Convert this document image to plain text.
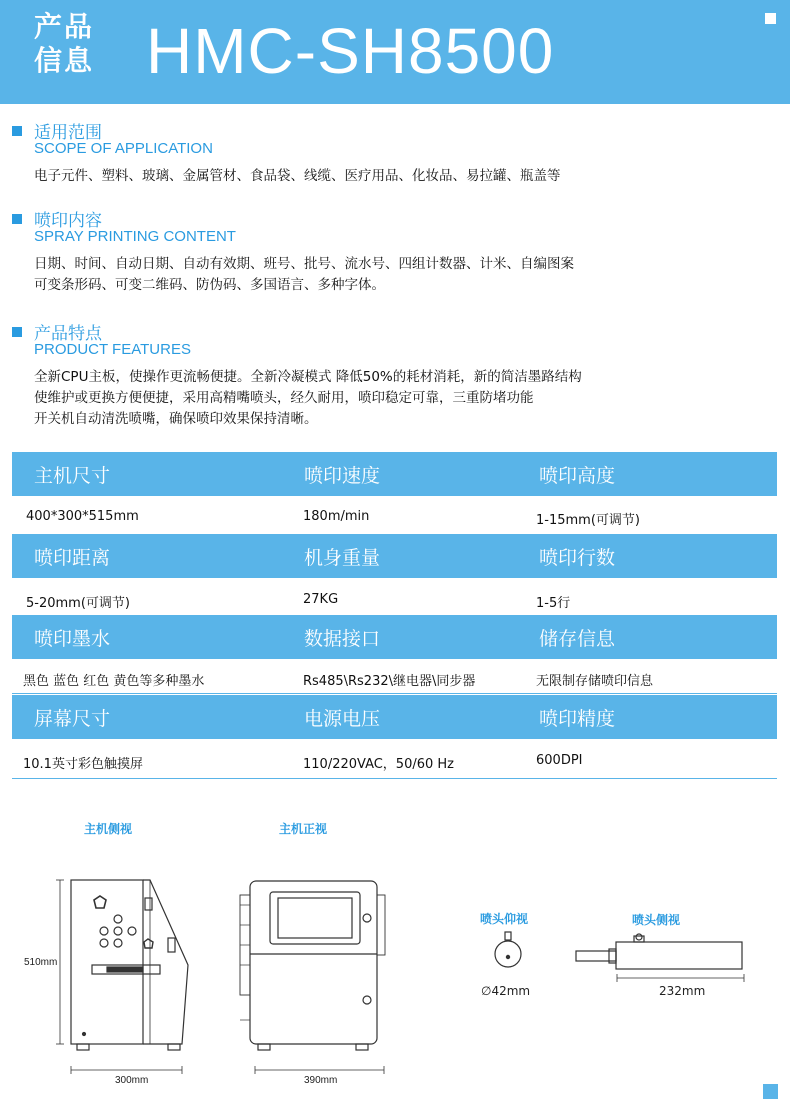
产品
信息 HMC-SH8500
适用范围
SCOPE OF APPLICATION
电子元件、塑料、玻璃、金属管材、食品袋、线缆、医疗用品、化妆品、易拉罐、瓶盖等
喷印内容
SPRAY PRINTING CONTENT
日期、时间、自动日期、自动有效期、班号、批号、流水号、四组计数器、计米、自编图案
可变条形码、可变二维码、防伪码、多国语言、多种字体。
产品特点
PRODUCT FEATURES
全新CPU主板，使操作更流畅便捷。全新冷凝模式 降低50%的耗材消耗，新的简洁墨路结构
使维护或更换方便便捷，采用高精嘴喷头，经久耐用，喷印稳定可靠，三重防堵功能
开关机自动清洗喷嘴，确保喷印效果保持清晰。
主机尺寸	喷印速度	喷印高度
400*300*515mm	180m/min	1-15mm(可调节)
喷印距离	机身重量	喷印行数
5-20mm(可调节)	27KG	1-5行
喷印墨水	数据接口	储存信息
黑色 蓝色 红色 黄色等多种墨水	Rs485\Rs232\继电器\同步器	无限制存储喷印信息
屏幕尺寸	电源电压	喷印精度
10.1英寸彩色触摸屏	110/220VAC，50/60 Hz	600DPI
主机侧视	主机正视
喷头仰视	喷头侧视
510mm
300mm	390mm
∅42mm	232mm
